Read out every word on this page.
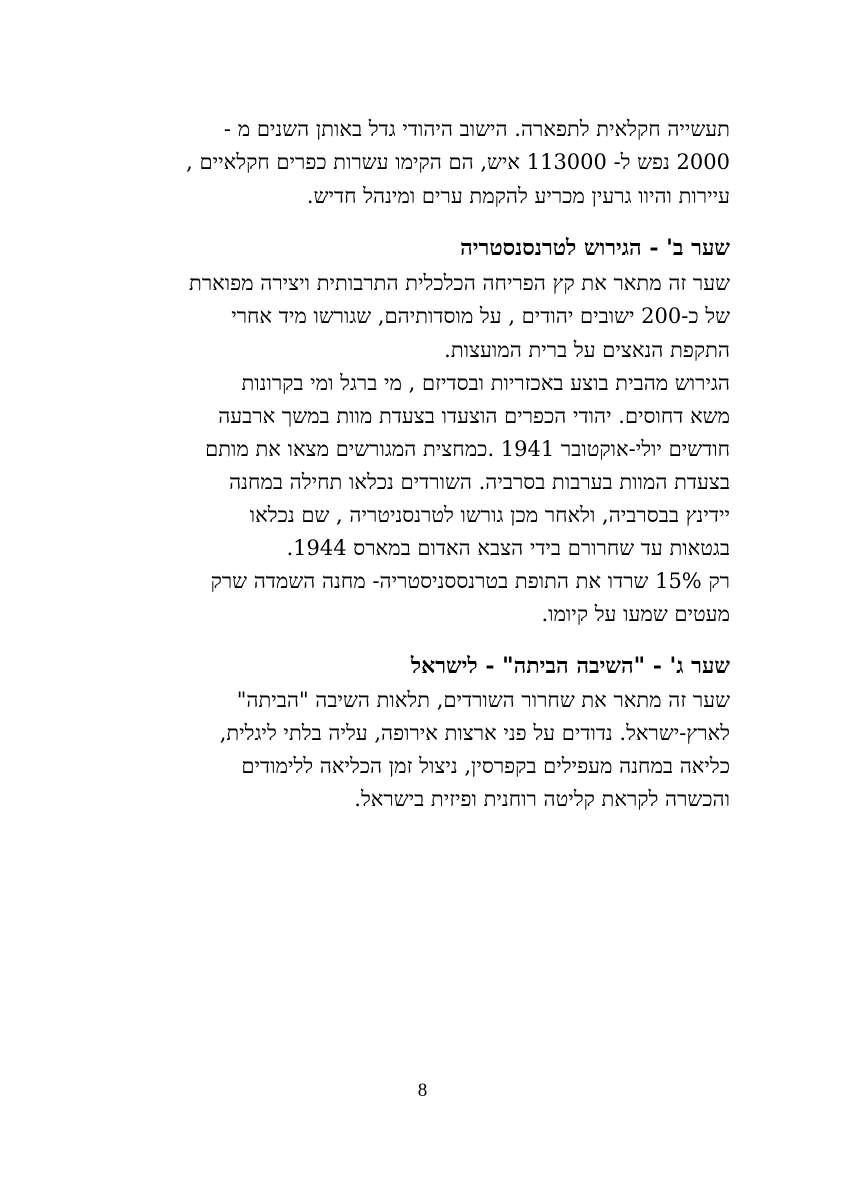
תעשייה חקלאית לתפארה. הישוב היהודי גדל באותן השנים מ -
2000 נפש ל- 113000 איש, הם הקימו עשרות כפרים חקלאיים ,
עיירות והיוו גרעין מכריע להקמת ערים ומינהל חדיש.
שער ב' - הגירוש לטרנסנסטריה
שער זה מתאר את קץ הפריחה הכלכלית התרבותית ויצירה מפוארת
של כ-200 ישובים יהודים , על מוסדותיהם, שגורשו מיד אחרי
התקפת הנאצים על ברית המועצות.
הגירוש מהבית בוצע באכזריות ובסדיזם , מי ברגל ומי בקרונות
משא דחוסים. יהודי הכפרים הוצעדו בצעדת מוות במשך ארבעה
חודשים יולי-אוקטובר 1941 .כמחצית המגורשים מצאו את מותם
בצעדת המוות בערבות בסרביה. השורדים נכלאו תחילה במחנה
יידינץ בבסרביה, ולאחר מכן גורשו לטרנסניטריה , שם נכלאו
בגטאות עד שחרורם בידי הצבא האדום במארס 1944.
רק 15% שרדו את התופת בטרנססניסטריה- מחנה השמדה שרק
מעטים שמעו על קיומו.
שער ג' - "השיבה הביתה" - לישראל
שער זה מתאר את שחרור השורדים, תלאות השיבה "הביתה"
לארץ-ישראל. נדודים על פני ארצות אירופה, עליה בלתי ליגלית,
כליאה במחנה מעפילים בקפרסין, ניצול זמן הכליאה ללימודים
והכשרה לקראת קליטה רוחנית ופיזית בישראל.
8
